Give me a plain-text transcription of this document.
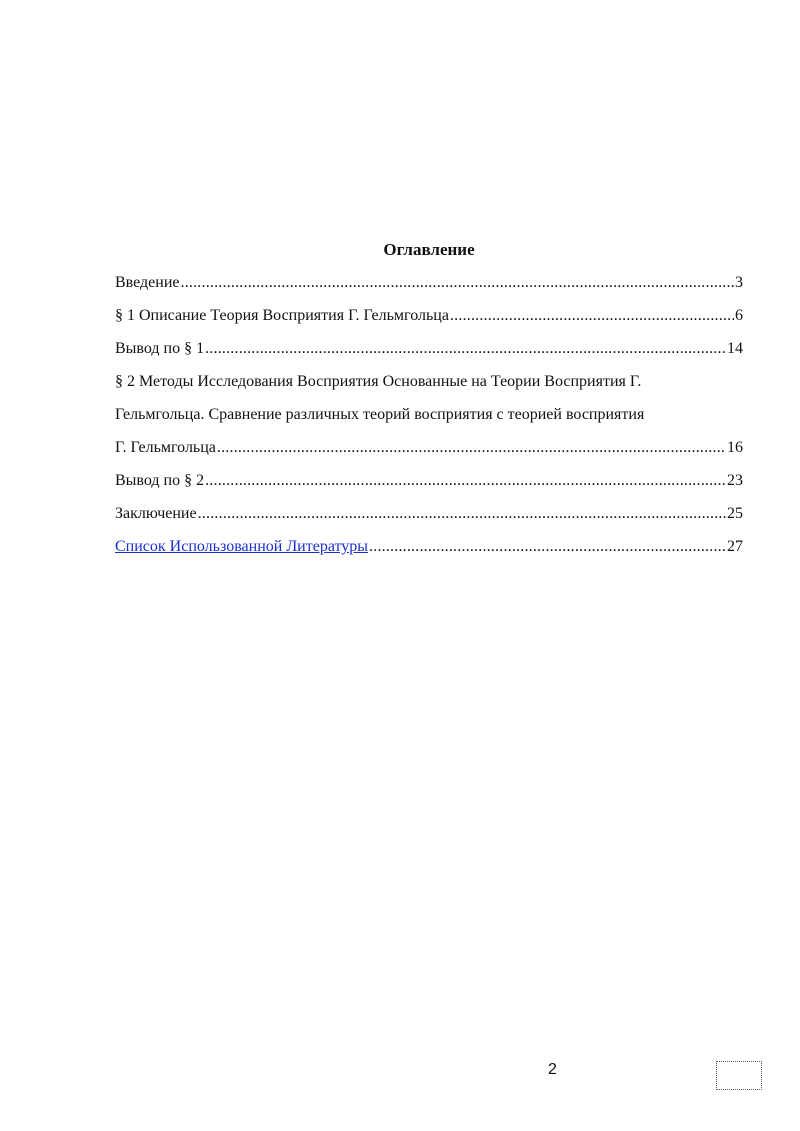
Оглавление
Введение .....	3
§ 1 Описание Теория Восприятия Г. Гельмгольца .....	6
Вывод по § 1 .....	14
§ 2 Методы Исследования Восприятия Основанные на Теории Восприятия Г.
Гельмгольца. Сравнение различных теорий восприятия с теорией восприятия
Г. Гельмгольца .....	16
Вывод по § 2 .....	23
Заключение .....	25
Список Использованной Литературы .....	27
2
